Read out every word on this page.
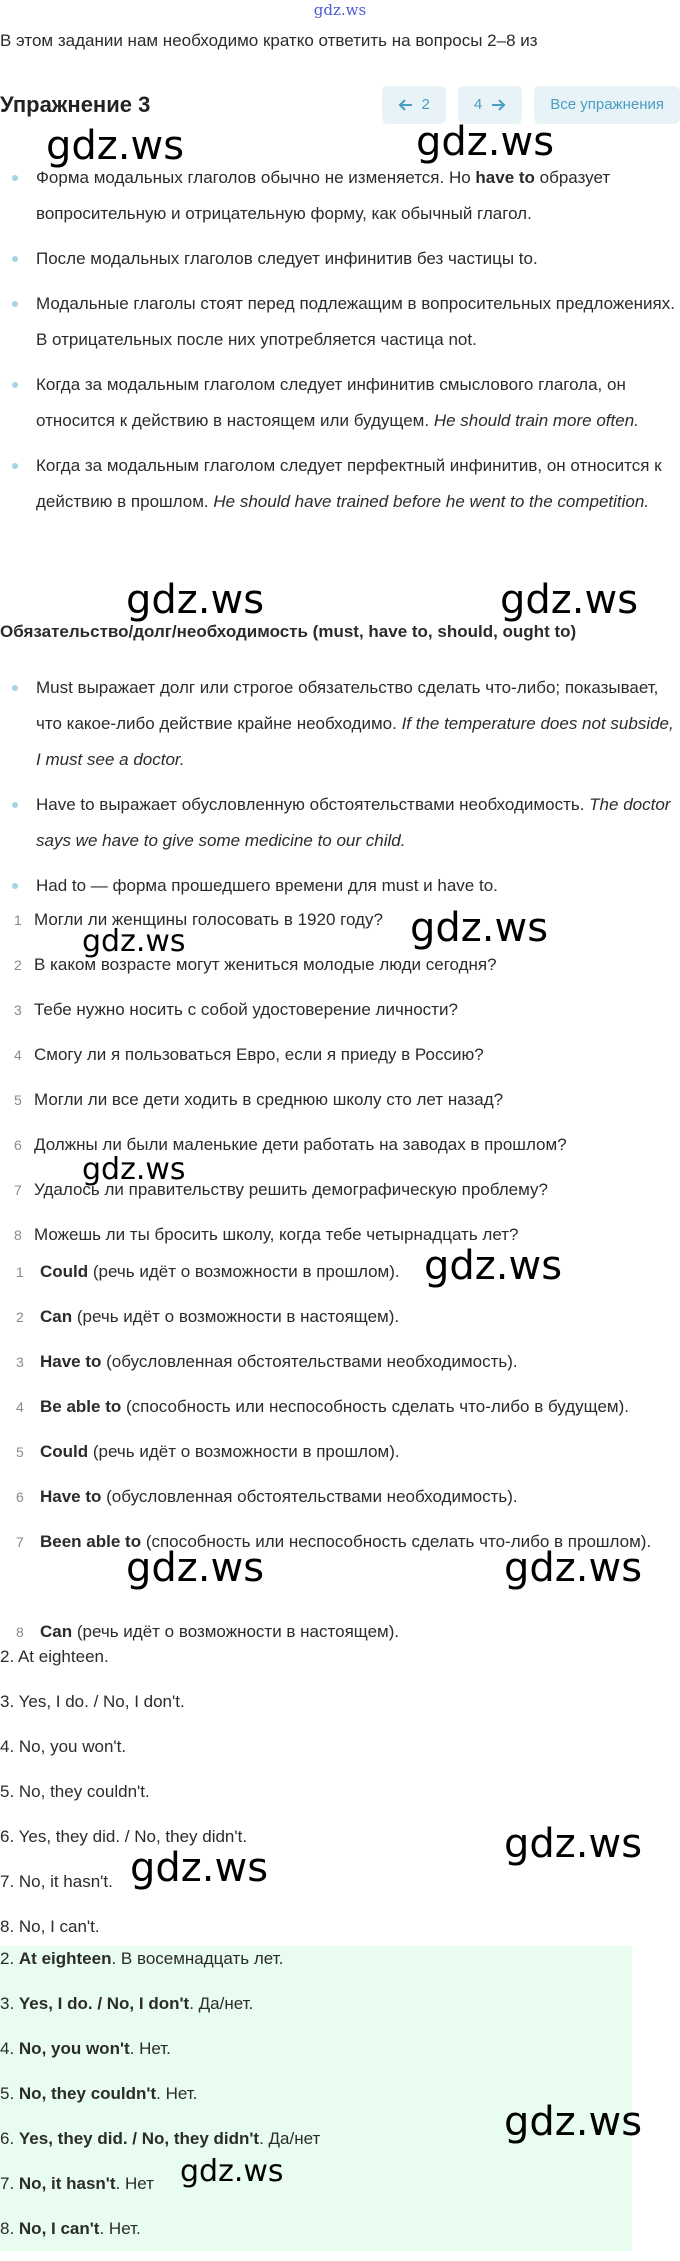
gdz.ws
В этом задании нам необходимо кратко ответить на вопросы 2–8 из
Упражнение 3	2	4	Все упражнения
Форма модальных глаголов обычно не изменяется. Но have to образует вопросительную и отрицательную форму, как обычный глагол.
После модальных глаголов следует инфинитив без частицы to.
Модальные глаголы стоят перед подлежащим в вопросительных предложениях. В отрицательных после них употребляется частица not.
Когда за модальным глаголом следует инфинитив смыслового глагола, он относится к действию в настоящем или будущем. He should train more often.
Когда за модальным глаголом следует перфектный инфинитив, он относится к действию в прошлом. He should have trained before he went to the competition.
Обязательство/долг/необходимость (must, have to, should, ought to)
Must выражает долг или строгое обязательство сделать что-либо; показывает, что какое-либо действие крайне необходимо. If the temperature does not subside, I must see a doctor.
Have to выражает обусловленную обстоятельствами необходимость. The doctor says we have to give some medicine to our child.
Had to — форма прошедшего времени для must и have to.
1 Могли ли женщины голосовать в 1920 году?
2 В каком возрасте могут жениться молодые люди сегодня?
3 Тебе нужно носить с собой удостоверение личности?
4 Смогу ли я пользоваться Евро, если я приеду в Россию?
5 Могли ли все дети ходить в среднюю школу сто лет назад?
6 Должны ли были маленькие дети работать на заводах в прошлом?
7 Удалось ли правительству решить демографическую проблему?
8 Можешь ли ты бросить школу, когда тебе четырнадцать лет?
1 Could (речь идёт о возможности в прошлом).
2 Can (речь идёт о возможности в настоящем).
3 Have to (обусловленная обстоятельствами необходимость).
4 Be able to (способность или неспособность сделать что-либо в будущем).
5 Could (речь идёт о возможности в прошлом).
6 Have to (обусловленная обстоятельствами необходимость).
7 Been able to (способность или неспособность сделать что-либо в прошлом).
8 Can (речь идёт о возможности в настоящем).
2. At eighteen.
3. Yes, I do. / No, I don't.
4. No, you won't.
5. No, they couldn't.
6. Yes, they did. / No, they didn't.
7. No, it hasn't.
8. No, I can't.
2. At eighteen. В восемнадцать лет.
3. Yes, I do. / No, I don't. Да/нет.
4. No, you won't. Нет.
5. No, they couldn't. Нет.
6. Yes, they did. / No, they didn't. Да/нет
7. No, it hasn't. Нет
8. No, I can't. Нет.
gdz.ws	gdz.ws
gdz.ws	gdz.ws
gdz.ws
gdz.ws
gdz.ws
gdz.ws
gdz.ws	gdz.ws
gdz.ws
gdz.ws
gdz.ws
gdz.ws
